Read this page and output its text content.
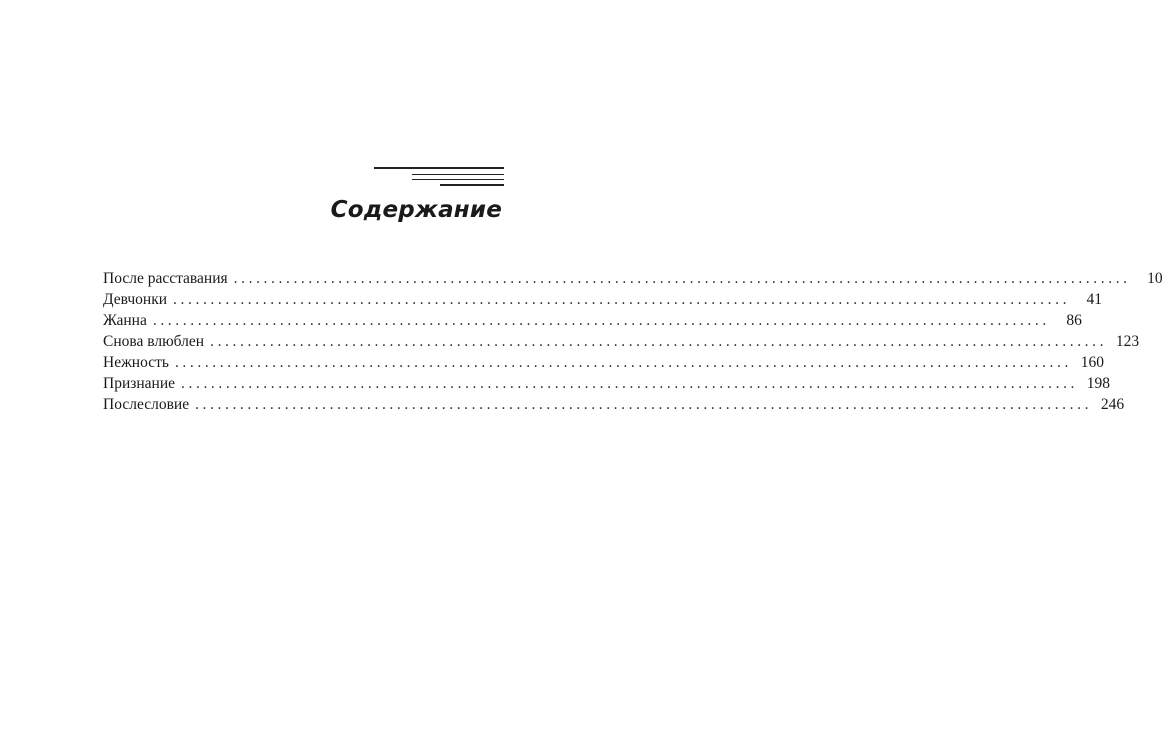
Содержание
После расставания ........................................................................................................................	10
Девчонки ........................................................................................................................	41
Жанна ........................................................................................................................	86
Снова влюблен ........................................................................................................................ 123
Нежность ........................................................................................................................ 160
Признание ........................................................................................................................ 198
Послесловие ........................................................................................................................ 246
